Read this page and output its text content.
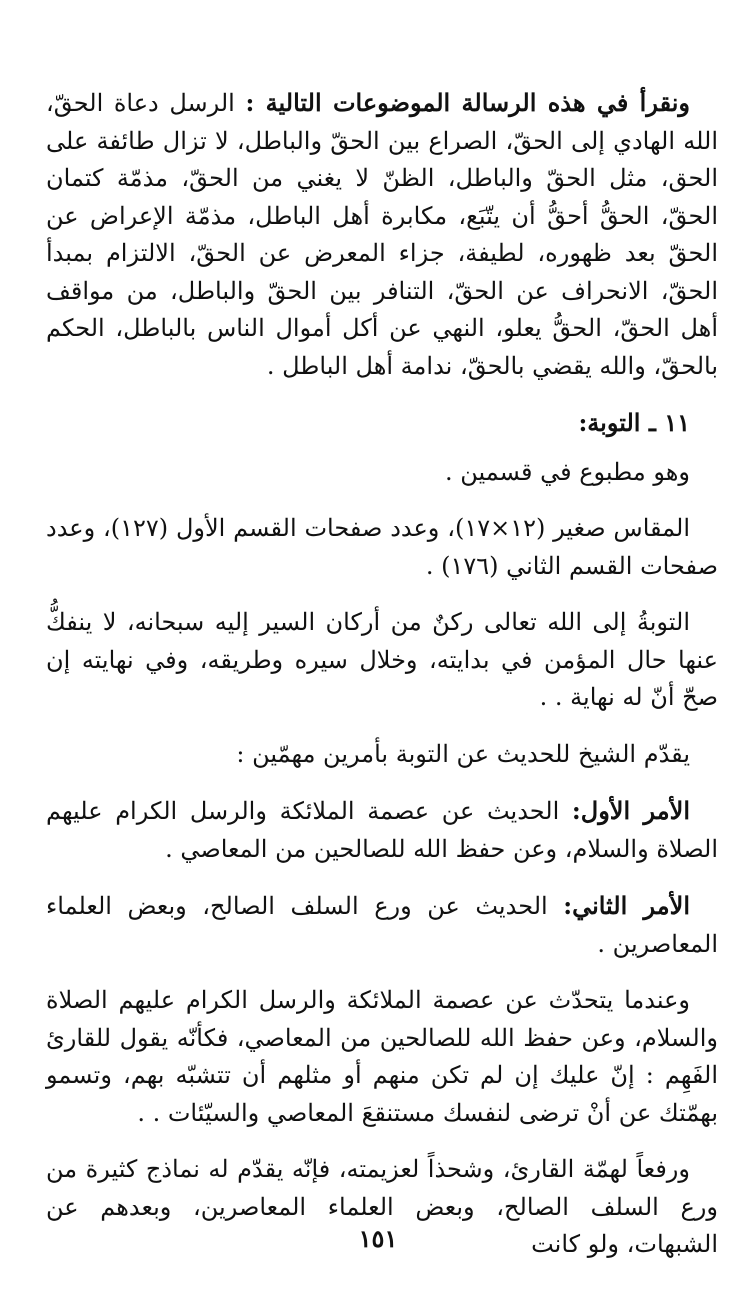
ونقرأ في هذه الرسالة الموضوعات التالية : الرسل دعاة الحقّ، الله الهادي إلى الحقّ، الصراع بين الحقّ والباطل، لا تزال طائفة على الحق، مثل الحقّ والباطل، الظنّ لا يغني من الحقّ، مذمّة كتمان الحقّ، الحقُّ أحقُّ أن يتّبَع، مكابرة أهل الباطل، مذمّة الإعراض عن الحقّ بعد ظهوره، لطيفة، جزاء المعرض عن الحقّ، الالتزام بمبدأ الحقّ، الانحراف عن الحقّ، التنافر بين الحقّ والباطل، من مواقف أهل الحقّ، الحقُّ يعلو، النهي عن أكل أموال الناس بالباطل، الحكم بالحقّ، والله يقضي بالحقّ، ندامة أهل الباطل .

١١ ـ التوبة:

وهو مطبوع في قسمين .

المقاس صغير (١٢×١٧)، وعدد صفحات القسم الأول (١٢٧)، وعدد صفحات القسم الثاني (١٧٦) .

التوبةُ إلى الله تعالى ركنٌ من أركان السير إليه سبحانه، لا ينفكُّ عنها حال المؤمن في بدايته، وخلال سيره وطريقه، وفي نهايته إن صحّ أنّ له نهاية . .

يقدّم الشيخ للحديث عن التوبة بأمرين مهمّين :

الأمر الأول: الحديث عن عصمة الملائكة والرسل الكرام عليهم الصلاة والسلام، وعن حفظ الله للصالحين من المعاصي .

الأمر الثاني: الحديث عن ورع السلف الصالح، وبعض العلماء المعاصرين .

وعندما يتحدّث عن عصمة الملائكة والرسل الكرام عليهم الصلاة والسلام، وعن حفظ الله للصالحين من المعاصي، فكأنّه يقول للقارئ الفَهِم : إنّ عليك إن لم تكن منهم أو مثلهم أن تتشبّه بهم، وتسمو بهمّتك عن أنْ ترضى لنفسك مستنقعَ المعاصي والسيّئات . .

ورفعاً لهمّة القارئ، وشحذاً لعزيمته، فإنّه يقدّم له نماذج كثيرة من ورع السلف الصالح، وبعض العلماء المعاصرين، وبعدهم عن الشبهات، ولو كانت

١٥١
